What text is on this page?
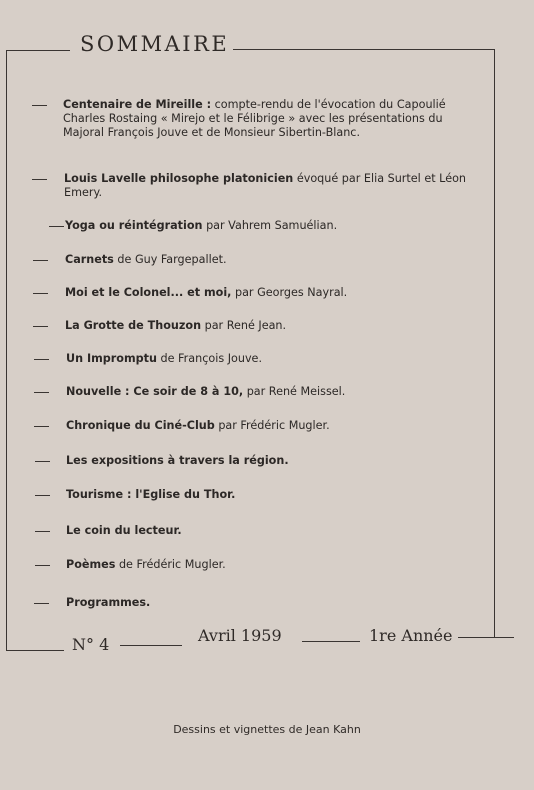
SOMMAIRE
Centenaire de Mireille : compte-rendu de l'évocation du Capoulié Charles Rostaing « Mirejo et le Félibrige » avec les présentations du Majoral François Jouve et de Monsieur Sibertin-Blanc.
Louis Lavelle philosophe platonicien évoqué par Elia Surtel et Léon Emery.
Yoga ou réintégration par Vahrem Samuélian.
Carnets de Guy Fargepallet.
Moi et le Colonel... et moi, par Georges Nayral.
La Grotte de Thouzon par René Jean.
Un Impromptu de François Jouve.
Nouvelle : Ce soir de 8 à 10, par René Meissel.
Chronique du Ciné-Club par Frédéric Mugler.
Les expositions à travers la région.
Tourisme : l'Eglise du Thor.
Le coin du lecteur.
Poèmes de Frédéric Mugler.
Programmes.
N° 4	Avril 1959	1re Année
Dessins et vignettes de Jean Kahn
